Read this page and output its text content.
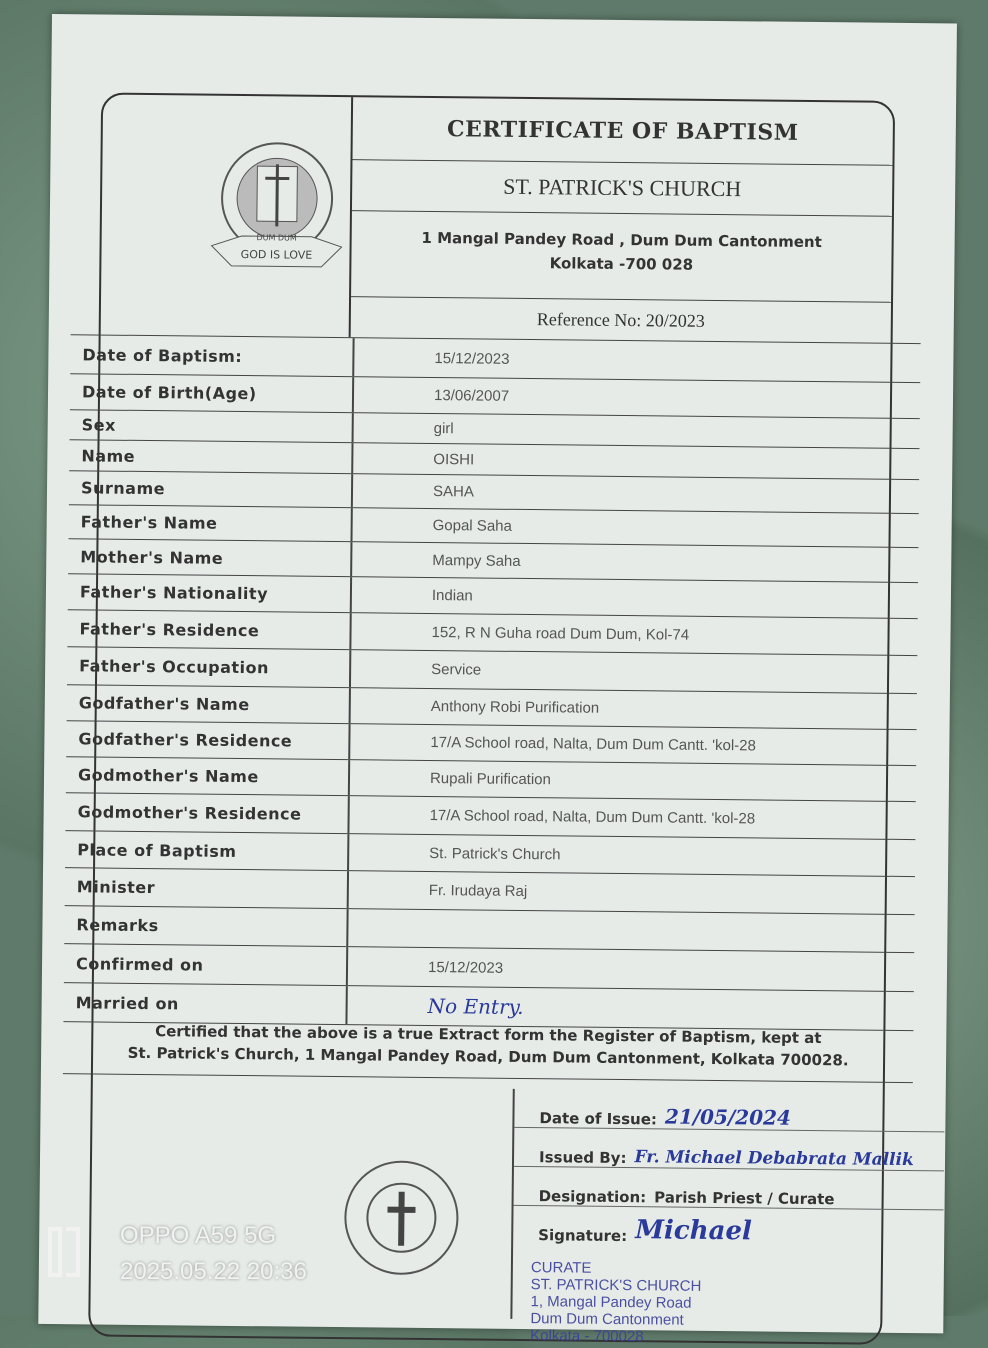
GOD IS LOVE
DUM DUM
CERTIFICATE OF BAPTISM
ST. PATRICK'S CHURCH
1 Mangal Pandey Road , Dum Dum Cantonment
Kolkata -700 028
Reference No: 20/2023
Date of Baptism:	15/12/2023
Date of Birth(Age)	13/06/2007
Sex	girl
Name	OISHI
Surname	SAHA
Father's Name	Gopal Saha
Mother's Name	Mampy Saha
Father's Nationality	Indian
Father's Residence	152, R N Guha road Dum Dum, Kol-74
Father's Occupation	Service
Godfather's Name	Anthony Robi Purification
Godfather's Residence	17/A School road, Nalta, Dum Dum Cantt. 'kol-28
Godmother's Name	Rupali Purification
Godmother's Residence	17/A School road, Nalta, Dum Dum Cantt. 'kol-28
Place of Baptism	St. Patrick's Church
Minister	Fr. Irudaya Raj
Remarks
Confirmed on	15/12/2023
Married on	No Entry.
Certified that the above is a true Extract form the Register of Baptism, kept at
St. Patrick's Church, 1 Mangal Pandey Road, Dum Dum Cantonment, Kolkata 700028.
Date of Issue: 21/05/2024
Issued By: Fr. Michael Debabrata Mallik
Designation: Parish Priest / Curate
Signature: Michael
CURATE
ST. PATRICK'S CHURCH
1, Mangal Pandey Road
Dum Dum Cantonment
Kolkata - 700028
OPPO A59 5G
2025.05.22 20:36
